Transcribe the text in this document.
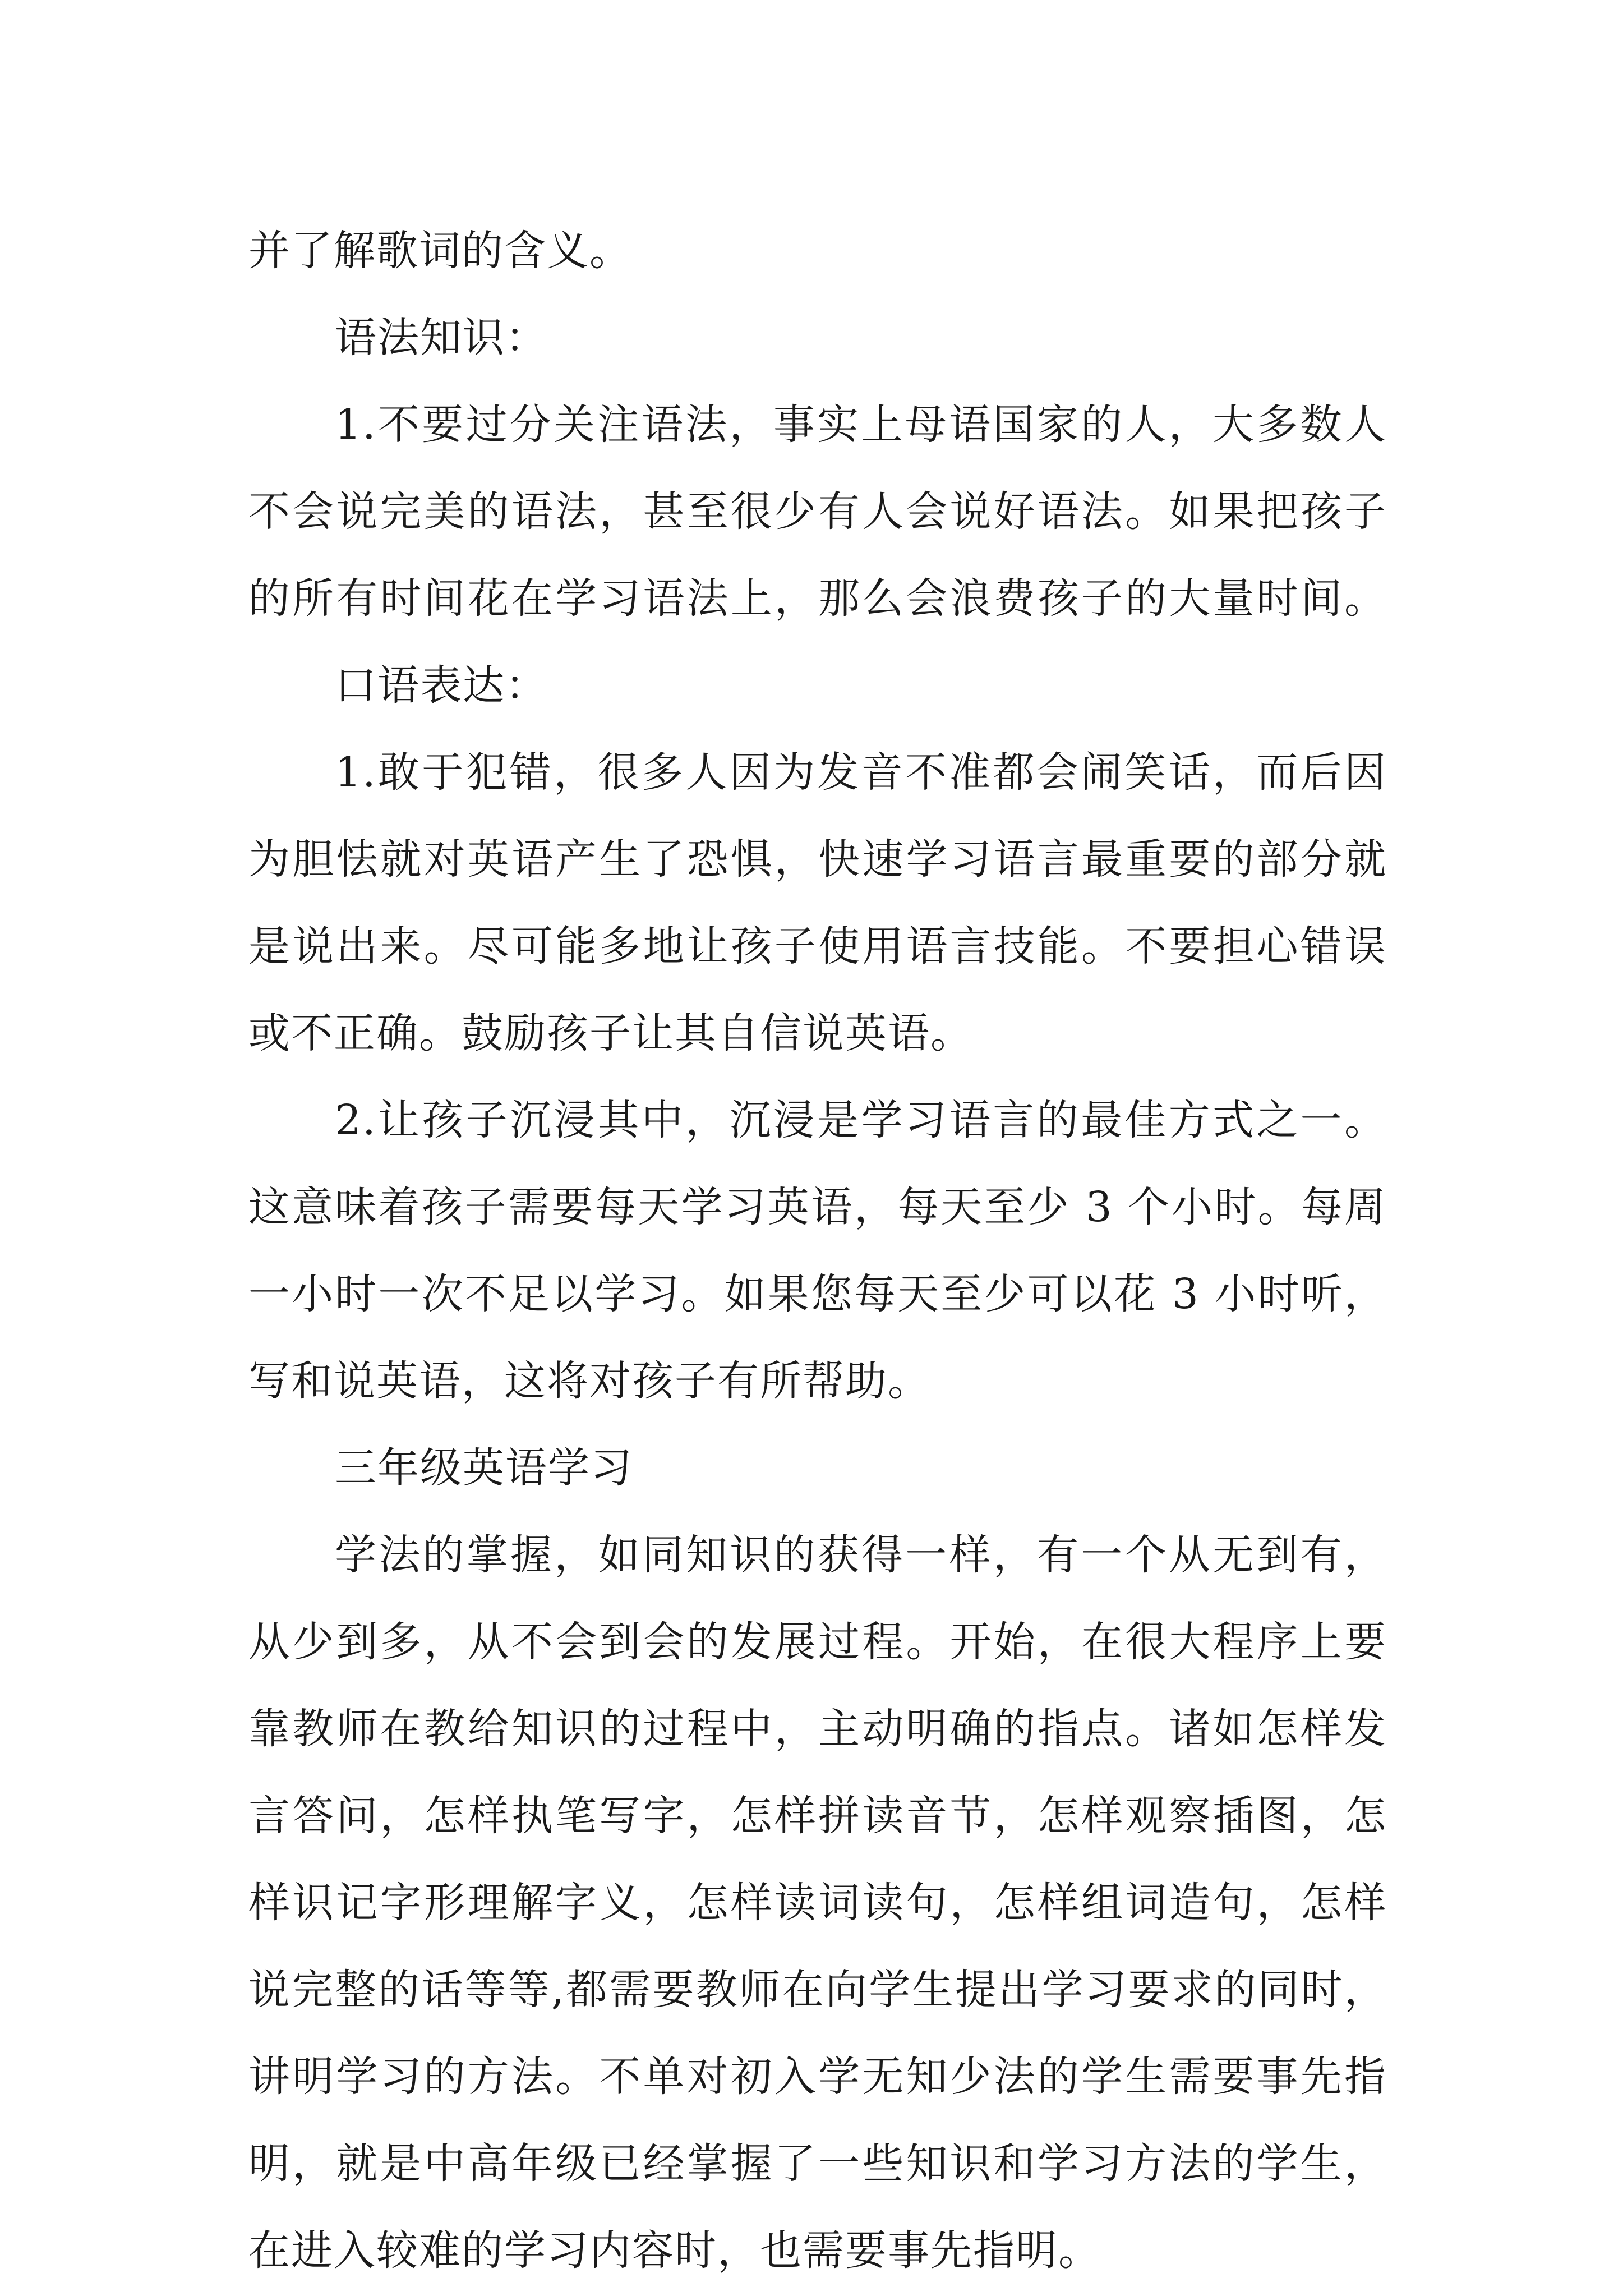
并了解歌词的含义。
语法知识：
1.不要过分关注语法，事实上母语国家的人，大多数人
不会说完美的语法，甚至很少有人会说好语法。如果把孩子
的所有时间花在学习语法上，那么会浪费孩子的大量时间。
口语表达：
1.敢于犯错，很多人因为发音不准都会闹笑话，而后因
为胆怯就对英语产生了恐惧，快速学习语言最重要的部分就
是说出来。尽可能多地让孩子使用语言技能。不要担心错误
或不正确。鼓励孩子让其自信说英语。
2.让孩子沉浸其中，沉浸是学习语言的最佳方式之一。
这意味着孩子需要每天学习英语，每天至少 3 个小时。每周
一小时一次不足以学习。如果您每天至少可以花 3 小时听，
写和说英语，这将对孩子有所帮助。
三年级英语学习
学法的掌握，如同知识的获得一样，有一个从无到有，
从少到多，从不会到会的发展过程。开始，在很大程序上要
靠教师在教给知识的过程中，主动明确的指点。诸如怎样发
言答问，怎样执笔写字，怎样拼读音节，怎样观察插图，怎
样识记字形理解字义，怎样读词读句，怎样组词造句，怎样
说完整的话等等,都需要教师在向学生提出学习要求的同时，
讲明学习的方法。不单对初入学无知少法的学生需要事先指
明，就是中高年级已经掌握了一些知识和学习方法的学生，
在进入较难的学习内容时，也需要事先指明。
